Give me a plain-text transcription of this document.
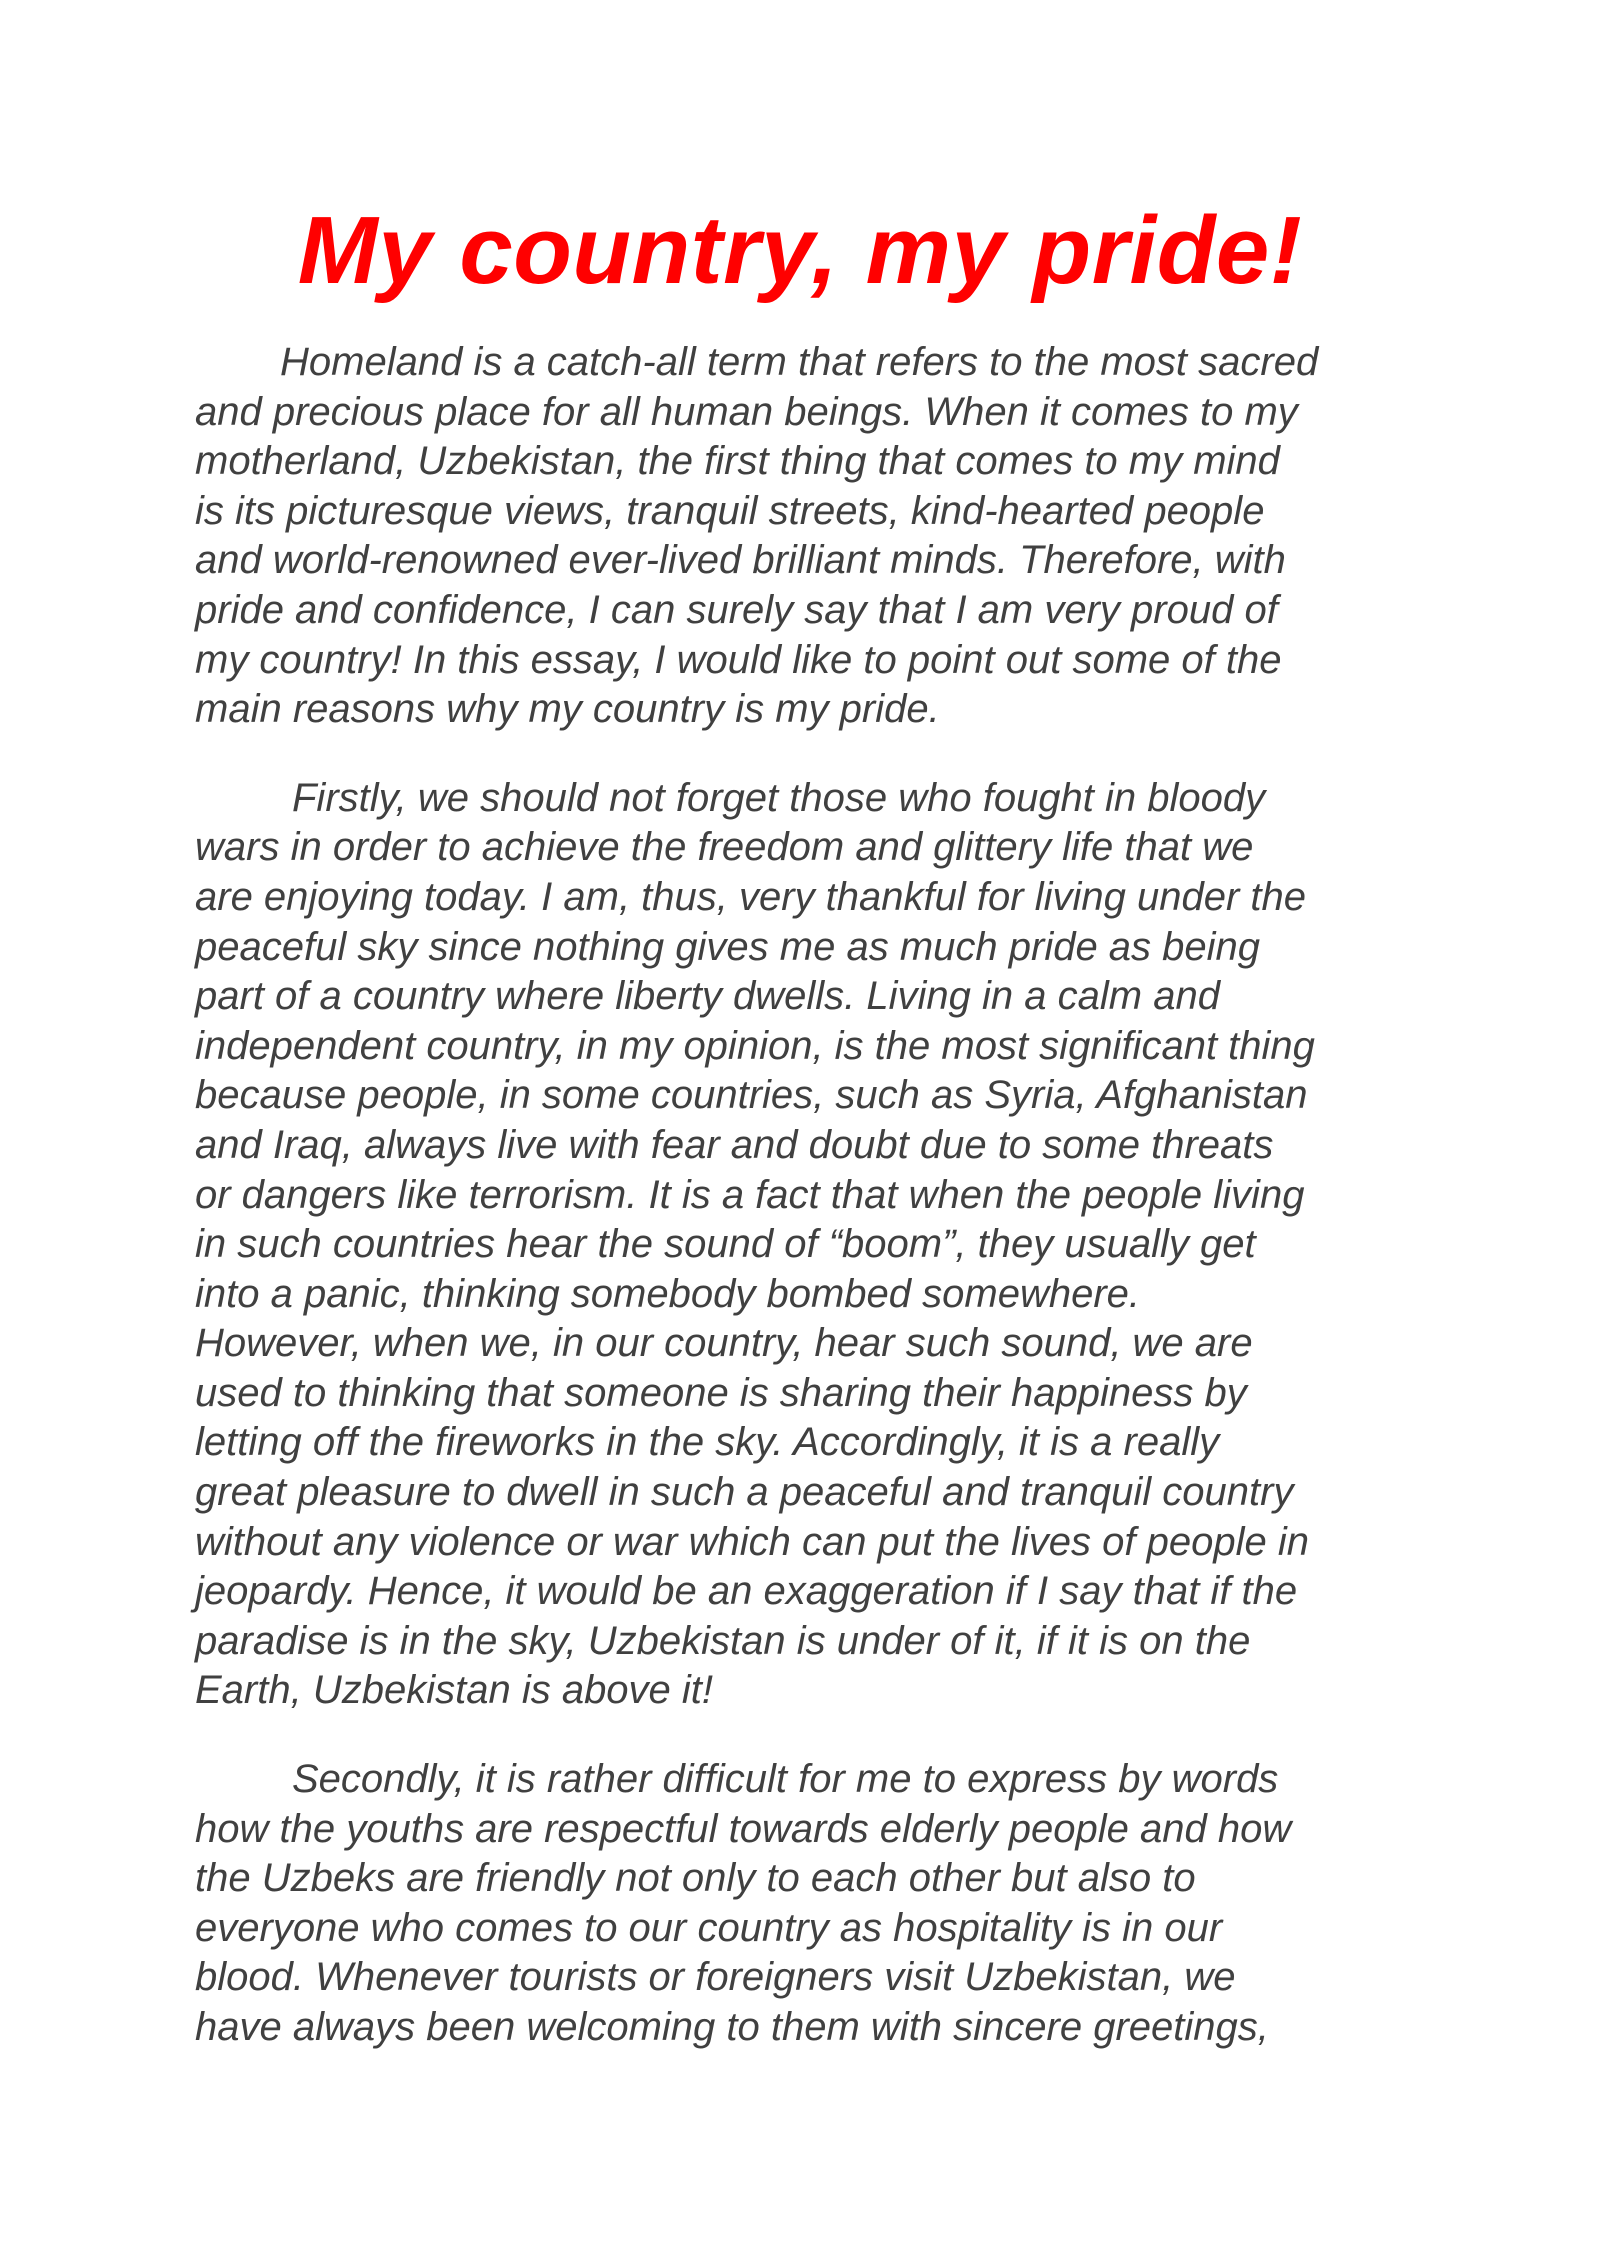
My country, my pride!

Homeland is a catch-all term that refers to the most sacred
and precious place for all human beings. When it comes to my
motherland, Uzbekistan, the first thing that comes to my mind
is its picturesque views, tranquil streets, kind-hearted people
and world-renowned ever-lived brilliant minds. Therefore, with
pride and confidence, I can surely say that I am very proud of
my country! In this essay, I would like to point out some of the
main reasons why my country is my pride.

Firstly, we should not forget those who fought in bloody
wars in order to achieve the freedom and glittery life that we
are enjoying today. I am, thus, very thankful for living under the
peaceful sky since nothing gives me as much pride as being
part of a country where liberty dwells. Living in a calm and
independent country, in my opinion, is the most significant thing
because people, in some countries, such as Syria, Afghanistan
and Iraq, always live with fear and doubt due to some threats
or dangers like terrorism. It is a fact that when the people living
in such countries hear the sound of “boom”, they usually get
into a panic, thinking somebody bombed somewhere.
However, when we, in our country, hear such sound, we are
used to thinking that someone is sharing their happiness by
letting off the fireworks in the sky. Accordingly, it is a really
great pleasure to dwell in such a peaceful and tranquil country
without any violence or war which can put the lives of people in
jeopardy. Hence, it would be an exaggeration if I say that if the
paradise is in the sky, Uzbekistan is under of it, if it is on the
Earth, Uzbekistan is above it!

Secondly, it is rather difficult for me to express by words
how the youths are respectful towards elderly people and how
the Uzbeks are friendly not only to each other but also to
everyone who comes to our country as hospitality is in our
blood. Whenever tourists or foreigners visit Uzbekistan, we
have always been welcoming to them with sincere greetings,
